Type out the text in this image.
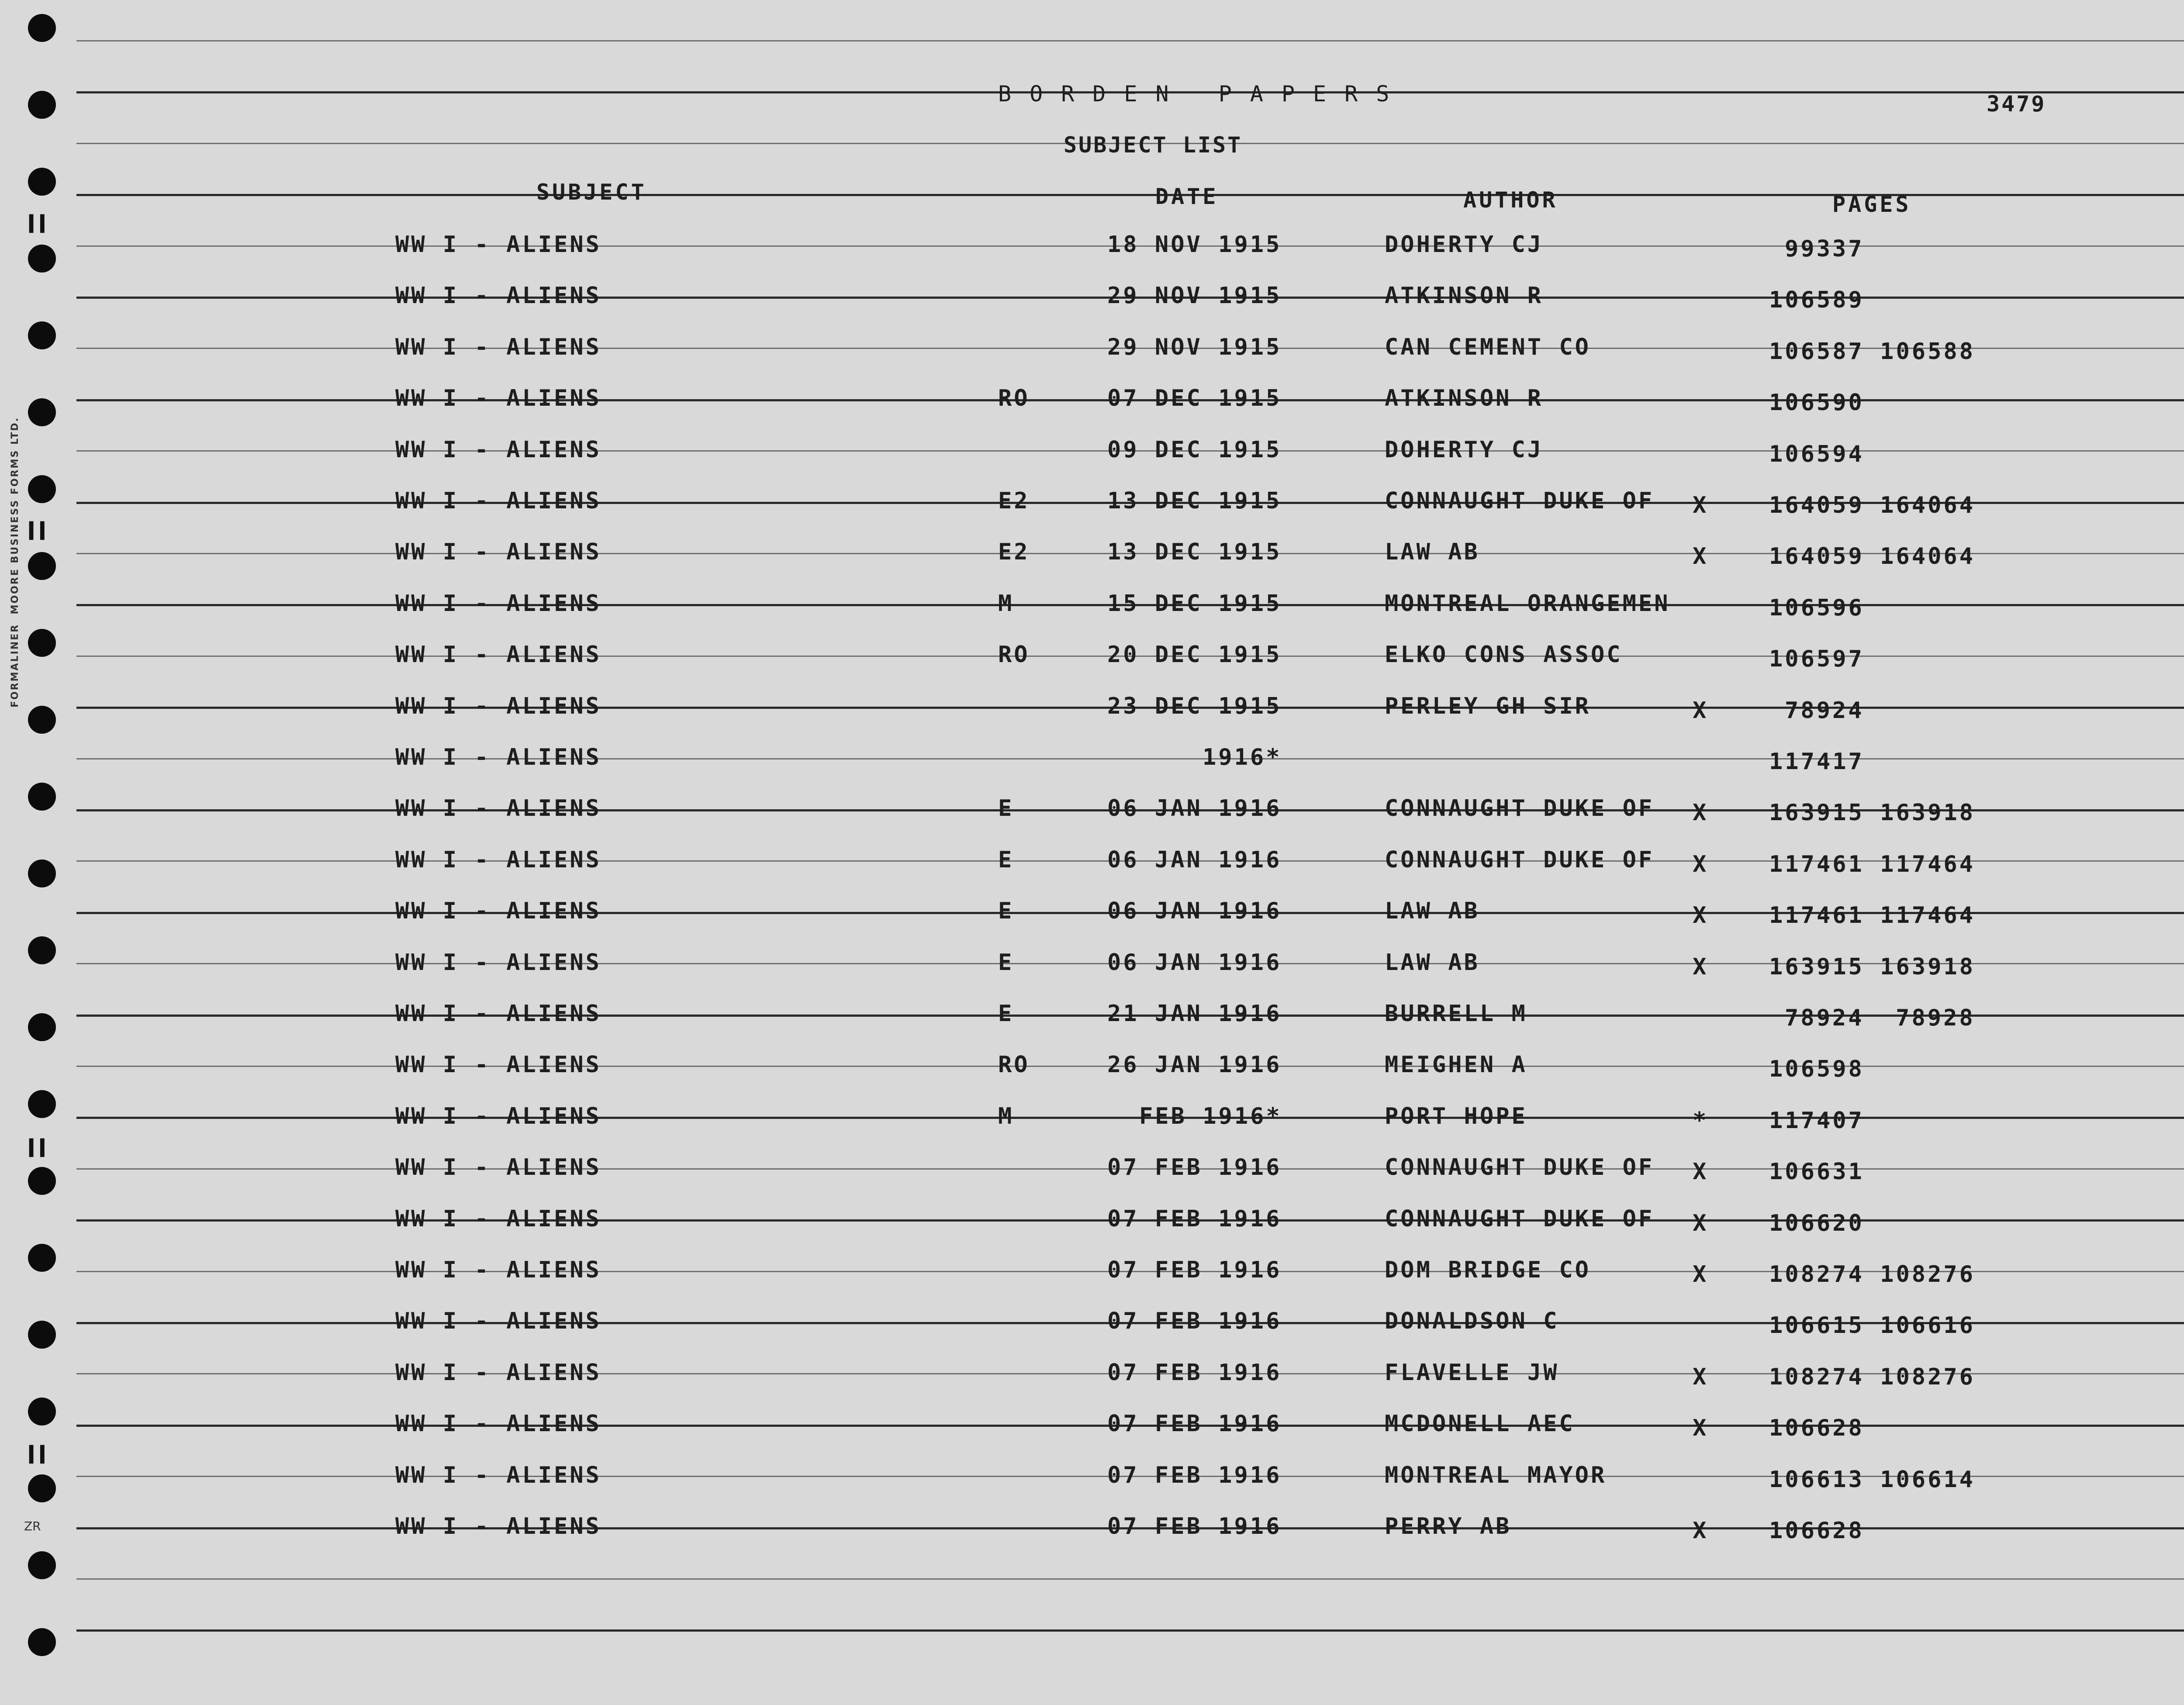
ll
ll
ll
ll
FORMALINER  MOORE BUSINESS FORMS LTD.
ZR
BORDEN PAPERS	3479
SUBJECT LIST
SUBJECT	DATE	AUTHOR	PAGES
WW I - ALIENS	18 NOV 1915	DOHERTY CJ	99337
WW I - ALIENS	29 NOV 1915	ATKINSON R	106589
WW I - ALIENS	29 NOV 1915	CAN CEMENT CO	106587 106588
WW I - ALIENS	RO	07 DEC 1915	ATKINSON R	106590
WW I - ALIENS	09 DEC 1915	DOHERTY CJ	106594
WW I - ALIENS	E2	13 DEC 1915	CONNAUGHT DUKE OF X	164059 164064
WW I - ALIENS	E2	13 DEC 1915	LAW AB	X	164059 164064
WW I - ALIENS	M	15 DEC 1915	MONTREAL ORANGEMEN	106596
WW I - ALIENS	RO	20 DEC 1915	ELKO CONS ASSOC	106597
WW I - ALIENS	23 DEC 1915	PERLEY GH SIR	X	78924
WW I - ALIENS	1916*	117417
WW I - ALIENS	E	06 JAN 1916	CONNAUGHT DUKE OF X	163915 163918
WW I - ALIENS	E	06 JAN 1916	CONNAUGHT DUKE OF X	117461 117464
WW I - ALIENS	E	06 JAN 1916	LAW AB	X	117461 117464
WW I - ALIENS	E	06 JAN 1916	LAW AB	X	163915 163918
WW I - ALIENS	E	21 JAN 1916	BURRELL M	78924  78928
WW I - ALIENS	RO	26 JAN 1916	MEIGHEN A	106598
WW I - ALIENS	M	FEB 1916*	PORT HOPE	*	117407
WW I - ALIENS	07 FEB 1916	CONNAUGHT DUKE OF X	106631
WW I - ALIENS	07 FEB 1916	CONNAUGHT DUKE OF X	106620
WW I - ALIENS	07 FEB 1916	DOM BRIDGE CO	X	108274 108276
WW I - ALIENS	07 FEB 1916	DONALDSON C	106615 106616
WW I - ALIENS	07 FEB 1916	FLAVELLE JW	X	108274 108276
WW I - ALIENS	07 FEB 1916	MCDONELL AEC	X	106628
WW I - ALIENS	07 FEB 1916	MONTREAL MAYOR	106613 106614
WW I - ALIENS	07 FEB 1916	PERRY AB	X	106628
